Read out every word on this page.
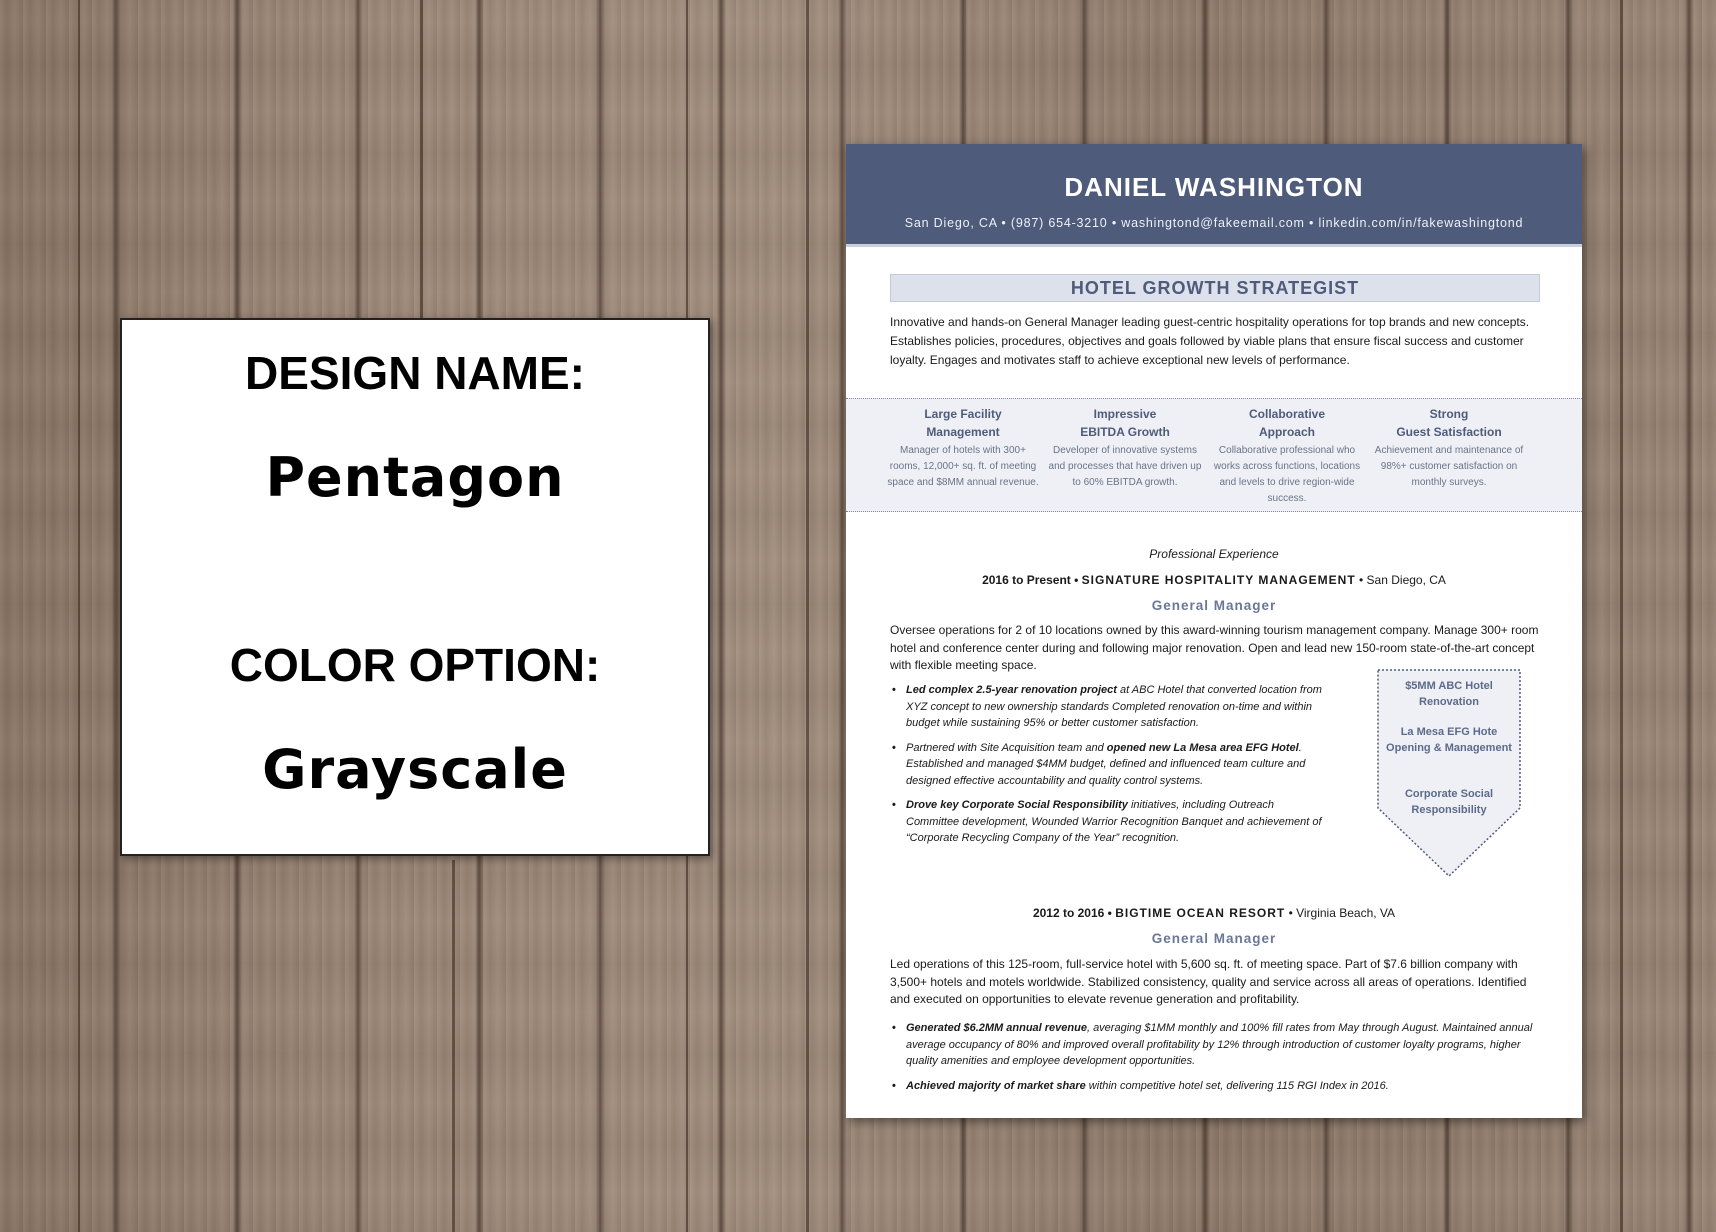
DESIGN NAME:
Pentagon
COLOR OPTION:
Grayscale
DANIEL WASHINGTON
San Diego, CA • (987) 654-3210 • washingtond@fakeemail.com • linkedin.com/in/fakewashingtond
HOTEL GROWTH STRATEGIST

Innovative and hands-on General Manager leading guest-centric hospitality operations for top brands and new concepts. Establishes policies, procedures, objectives and goals followed by viable plans that ensure fiscal success and customer loyalty. Engages and motivates staff to achieve exceptional new levels of performance.

Large Facility
Management
Manager of hotels with 300+ rooms, 12,000+ sq. ft. of meeting space and $8MM annual revenue.
Impressive
EBITDA Growth
Developer of innovative systems and processes that have driven up to 60% EBITDA growth.
Collaborative
Approach
Collaborative professional who works across functions, locations and levels to drive region-wide success.
Strong
Guest Satisfaction
Achievement and maintenance of 98%+ customer satisfaction on monthly surveys.
Professional Experience
2016 to Present • SIGNATURE HOSPITALITY MANAGEMENT • San Diego, CA
General Manager

Oversee operations for 2 of 10 locations owned by this award-winning tourism management company. Manage 300+ room hotel and conference center during and following major renovation. Open and lead new 150-room state-of-the-art concept with flexible meeting space.

• Led complex 2.5-year renovation project at ABC Hotel that converted location from XYZ concept to new ownership standards Completed renovation on-time and within budget while sustaining 95% or better customer satisfaction.
• Partnered with Site Acquisition team and opened new La Mesa area EFG Hotel. Established and managed $4MM budget, defined and influenced team culture and designed effective accountability and quality control systems.
• Drove key Corporate Social Responsibility initiatives, including Outreach Committee development, Wounded Warrior Recognition Banquet and achievement of “Corporate Recycling Company of the Year” recognition.
$5MM ABC Hotel Renovation
La Mesa EFG Hote Opening & Management
Corporate Social Responsibility
2012 to 2016 • BIGTIME OCEAN RESORT • Virginia Beach, VA
General Manager

Led operations of this 125-room, full-service hotel with 5,600 sq. ft. of meeting space. Part of $7.6 billion company with 3,500+ hotels and motels worldwide. Stabilized consistency, quality and service across all areas of operations. Identified and executed on opportunities to elevate revenue generation and profitability.

• Generated $6.2MM annual revenue, averaging $1MM monthly and 100% fill rates from May through August. Maintained annual average occupancy of 80% and improved overall profitability by 12% through introduction of customer loyalty programs, higher quality amenities and employee development opportunities.
• Achieved majority of market share within competitive hotel set, delivering 115 RGI Index in 2016.
